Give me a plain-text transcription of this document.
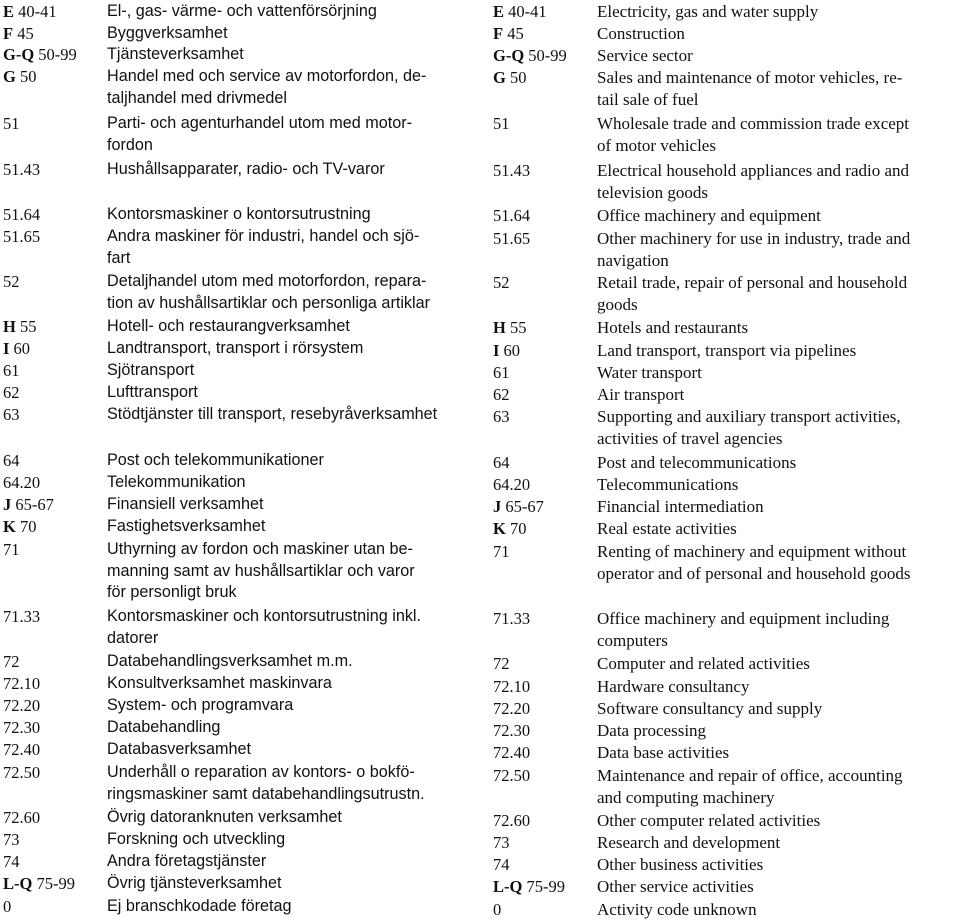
E 40-41	El-, gas- värme- och vattenförsörjning
F 45	Byggverksamhet
G-Q 50-99	Tjänsteverksamhet
G 50	Handel med och service av motorfordon, de-
taljhandel med drivmedel
51	Parti- och agenturhandel utom med motor-
fordon
51.43	Hushållsapparater, radio- och TV-varor
51.64	Kontorsmaskiner o kontorsutrustning
51.65	Andra maskiner för industri, handel och sjö-
fart
52	Detaljhandel utom med motorfordon, repara-
tion av hushållsartiklar och personliga artiklar
H 55	Hotell- och restaurangverksamhet
I 60	Landtransport, transport i rörsystem
61	Sjötransport
62	Lufttransport
63	Stödtjänster till transport, resebyråverksamhet
64	Post och telekommunikationer
64.20	Telekommunikation
J 65-67	Finansiell verksamhet
K 70	Fastighetsverksamhet
71	Uthyrning av fordon och maskiner utan be-
manning samt av hushållsartiklar och varor
för personligt bruk
71.33	Kontorsmaskiner och kontorsutrustning inkl.
datorer
72	Databehandlingsverksamhet m.m.
72.10	Konsultverksamhet maskinvara
72.20	System- och programvara
72.30	Databehandling
72.40	Databasverksamhet
72.50	Underhåll o reparation av kontors- o bokfö-
ringsmaskiner samt databehandlingsutrustn.
72.60	Övrig datoranknuten verksamhet
73	Forskning och utveckling
74	Andra företagstjänster
L-Q 75-99	Övrig tjänsteverksamhet
0	Ej branschkodade företag
E 40-41	Electricity, gas and water supply
F 45	Construction
G-Q 50-99	Service sector
G 50	Sales and maintenance of motor vehicles, re-
tail sale of fuel
51	Wholesale trade and commission trade except
of motor vehicles
51.43	Electrical household appliances and radio and
television goods
51.64	Office machinery and equipment
51.65	Other machinery for use in industry, trade and
navigation
52	Retail trade, repair of personal and household
goods
H 55	Hotels and restaurants
I 60	Land transport, transport via pipelines
61	Water transport
62	Air transport
63	Supporting and auxiliary transport activities,
activities of travel agencies
64	Post and telecommunications
64.20	Telecommunications
J 65-67	Financial intermediation
K 70	Real estate activities
71	Renting of machinery and equipment without
operator and of personal and household goods
71.33	Office machinery and equipment including
computers
72	Computer and related activities
72.10	Hardware consultancy
72.20	Software consultancy and supply
72.30	Data processing
72.40	Data base activities
72.50	Maintenance and repair of office, accounting
and computing machinery
72.60	Other computer related activities
73	Research and development
74	Other business activities
L-Q 75-99	Other service activities
0	Activity code unknown
